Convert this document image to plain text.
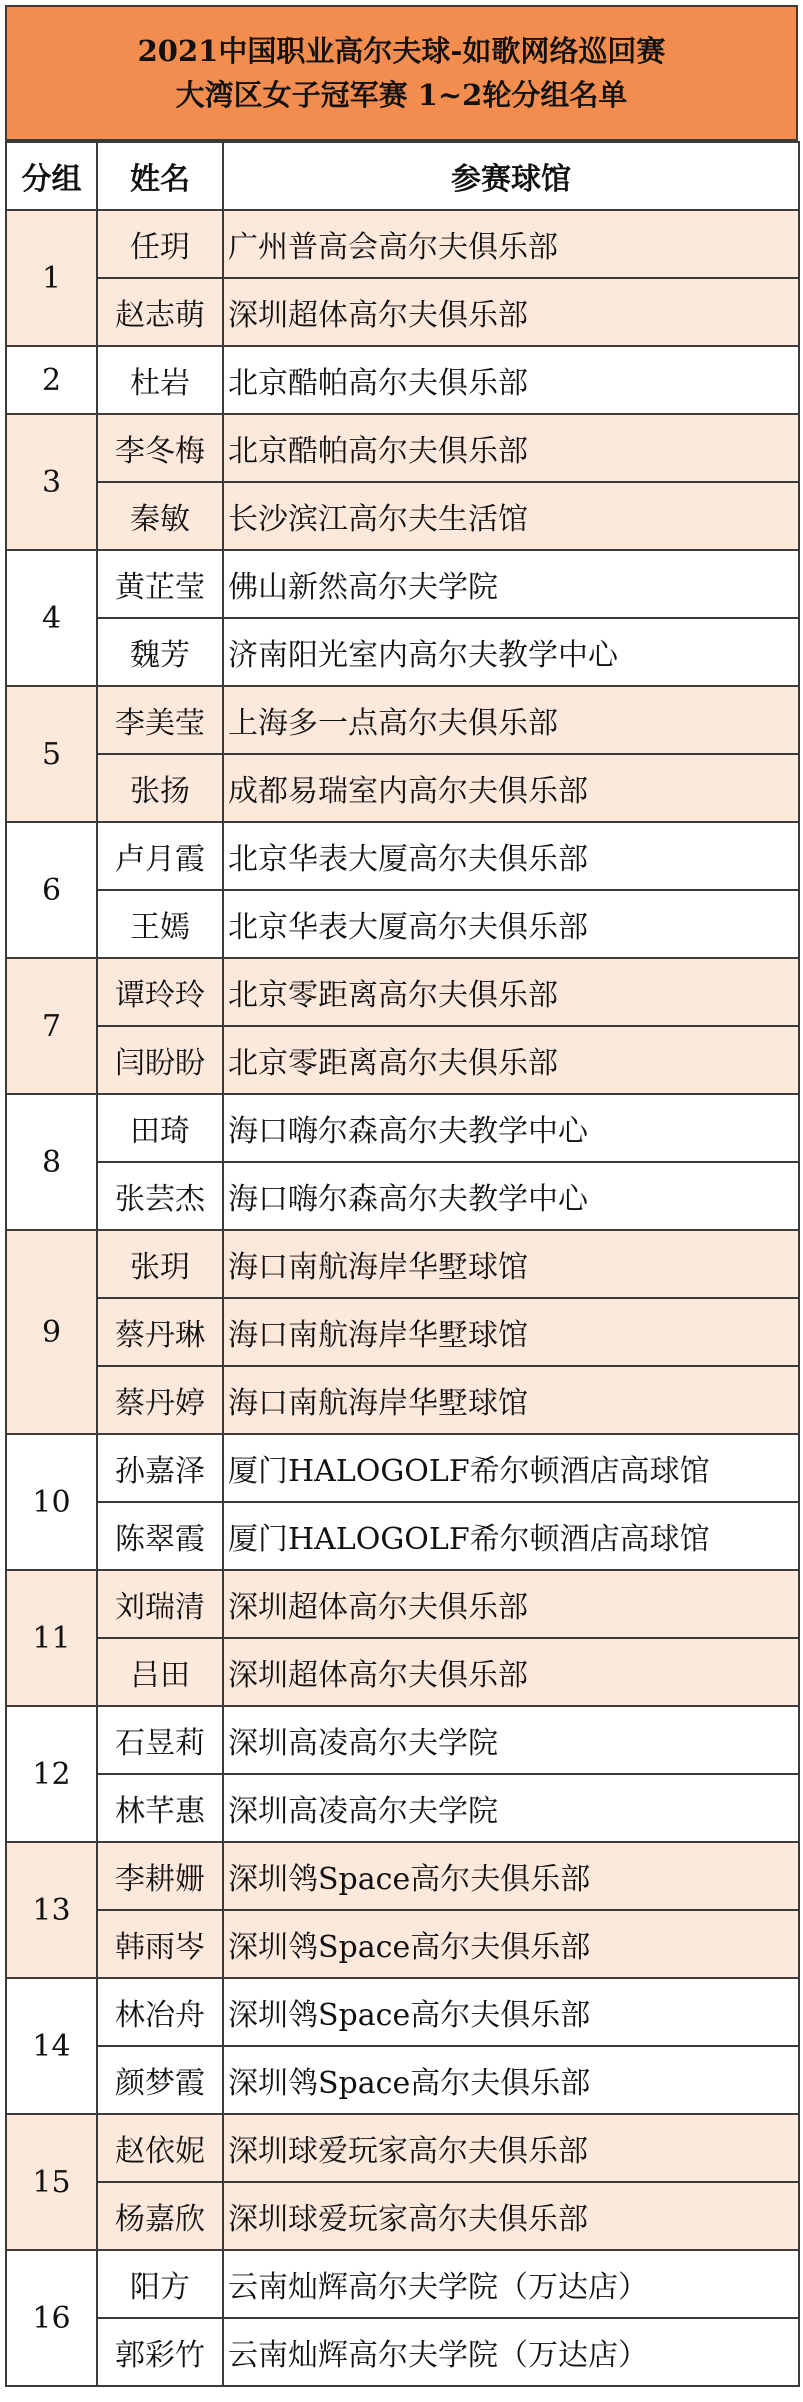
2021中国职业高尔夫球-如歌网络巡回赛
大湾区女子冠军赛 1~2轮分组名单
分组	姓名	参赛球馆
1	任玥	广州普高会高尔夫俱乐部
	赵志萌	深圳超体高尔夫俱乐部
2	杜岩	北京酷帕高尔夫俱乐部
3	李冬梅	北京酷帕高尔夫俱乐部
	秦敏	长沙滨江高尔夫生活馆
4	黄芷莹	佛山新然高尔夫学院
	魏芳	济南阳光室内高尔夫教学中心
5	李美莹	上海多一点高尔夫俱乐部
	张扬	成都易瑞室内高尔夫俱乐部
6	卢月霞	北京华表大厦高尔夫俱乐部
	王嫣	北京华表大厦高尔夫俱乐部
7	谭玲玲	北京零距离高尔夫俱乐部
	闫盼盼	北京零距离高尔夫俱乐部
8	田琦	海口嗨尔森高尔夫教学中心
	张芸杰	海口嗨尔森高尔夫教学中心
9	张玥	海口南航海岸华墅球馆
	蔡丹琳	海口南航海岸华墅球馆
	蔡丹婷	海口南航海岸华墅球馆
10	孙嘉泽	厦门HALOGOLF希尔顿酒店高球馆
	陈翠霞	厦门HALOGOLF希尔顿酒店高球馆
11	刘瑞清	深圳超体高尔夫俱乐部
	吕田	深圳超体高尔夫俱乐部
12	石昱莉	深圳高凌高尔夫学院
	林芊惠	深圳高凌高尔夫学院
13	李耕姗	深圳鸰Space高尔夫俱乐部
	韩雨岑	深圳鸰Space高尔夫俱乐部
14	林冶舟	深圳鸰Space高尔夫俱乐部
	颜梦霞	深圳鸰Space高尔夫俱乐部
15	赵依妮	深圳球爱玩家高尔夫俱乐部
	杨嘉欣	深圳球爱玩家高尔夫俱乐部
16	阳方	云南灿辉高尔夫学院（万达店）
	郭彩竹	云南灿辉高尔夫学院（万达店）
